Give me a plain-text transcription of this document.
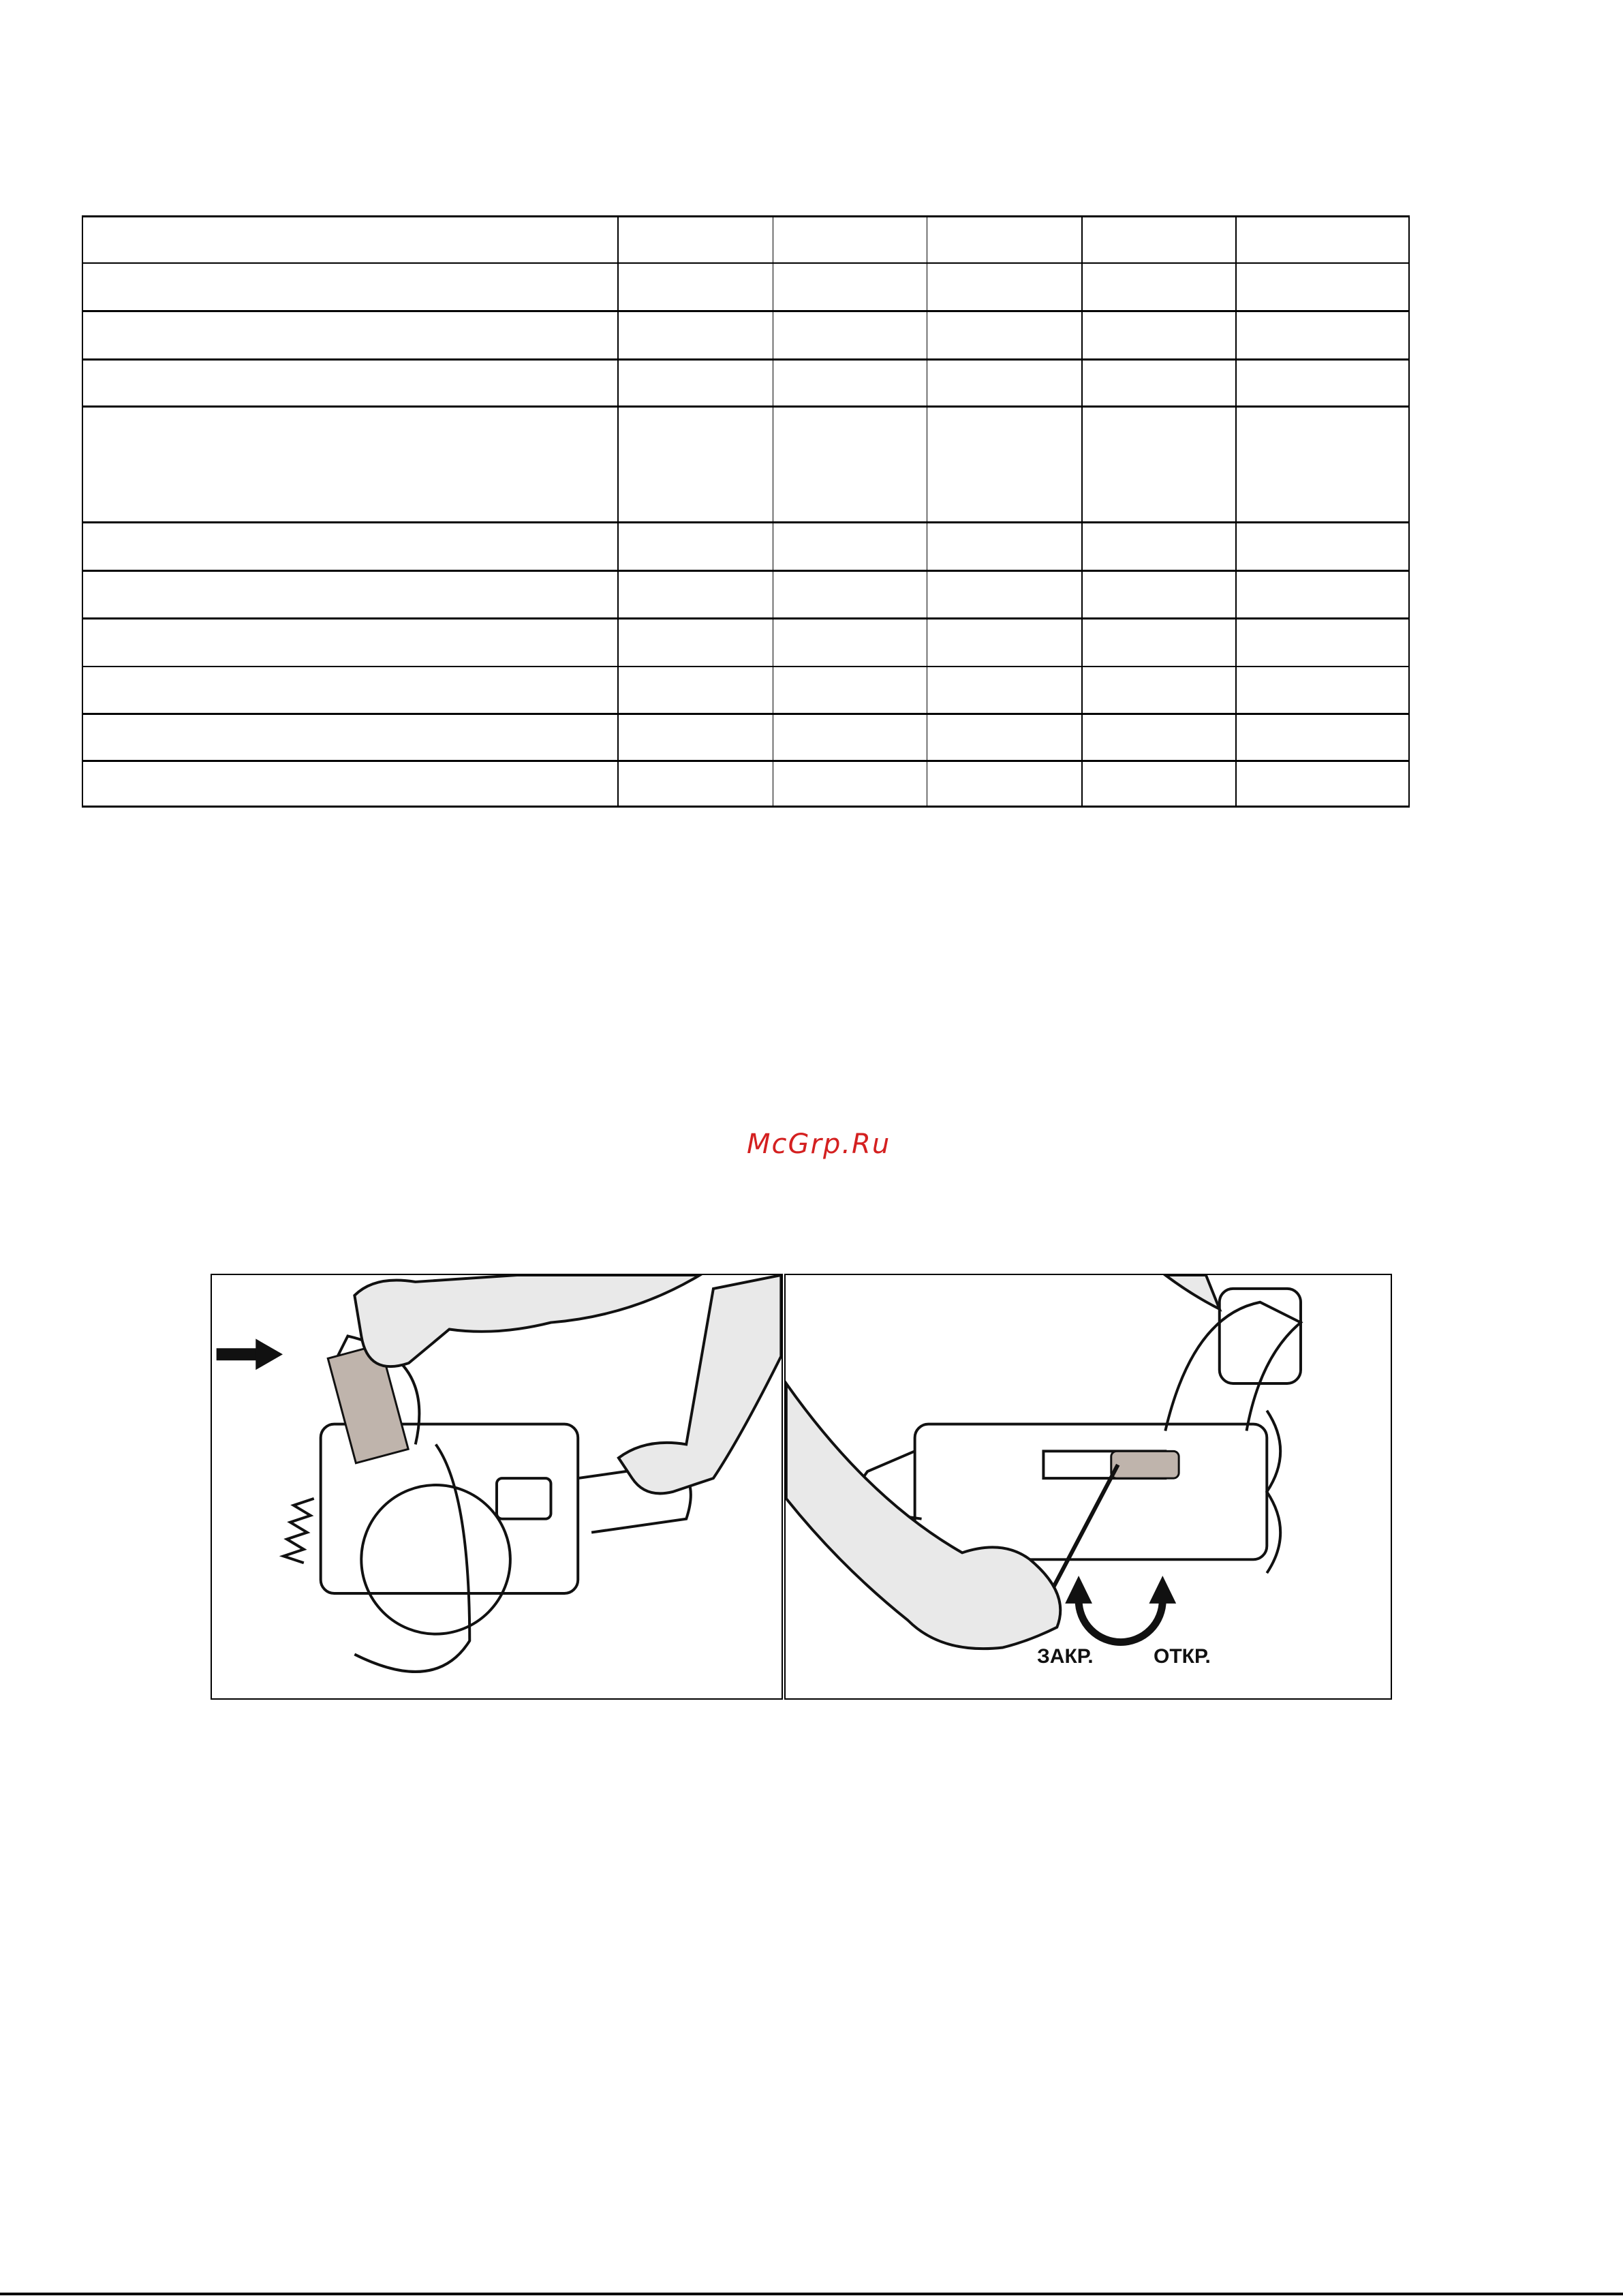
McGrp.Ru
ЗАКР.	ОТКР.
